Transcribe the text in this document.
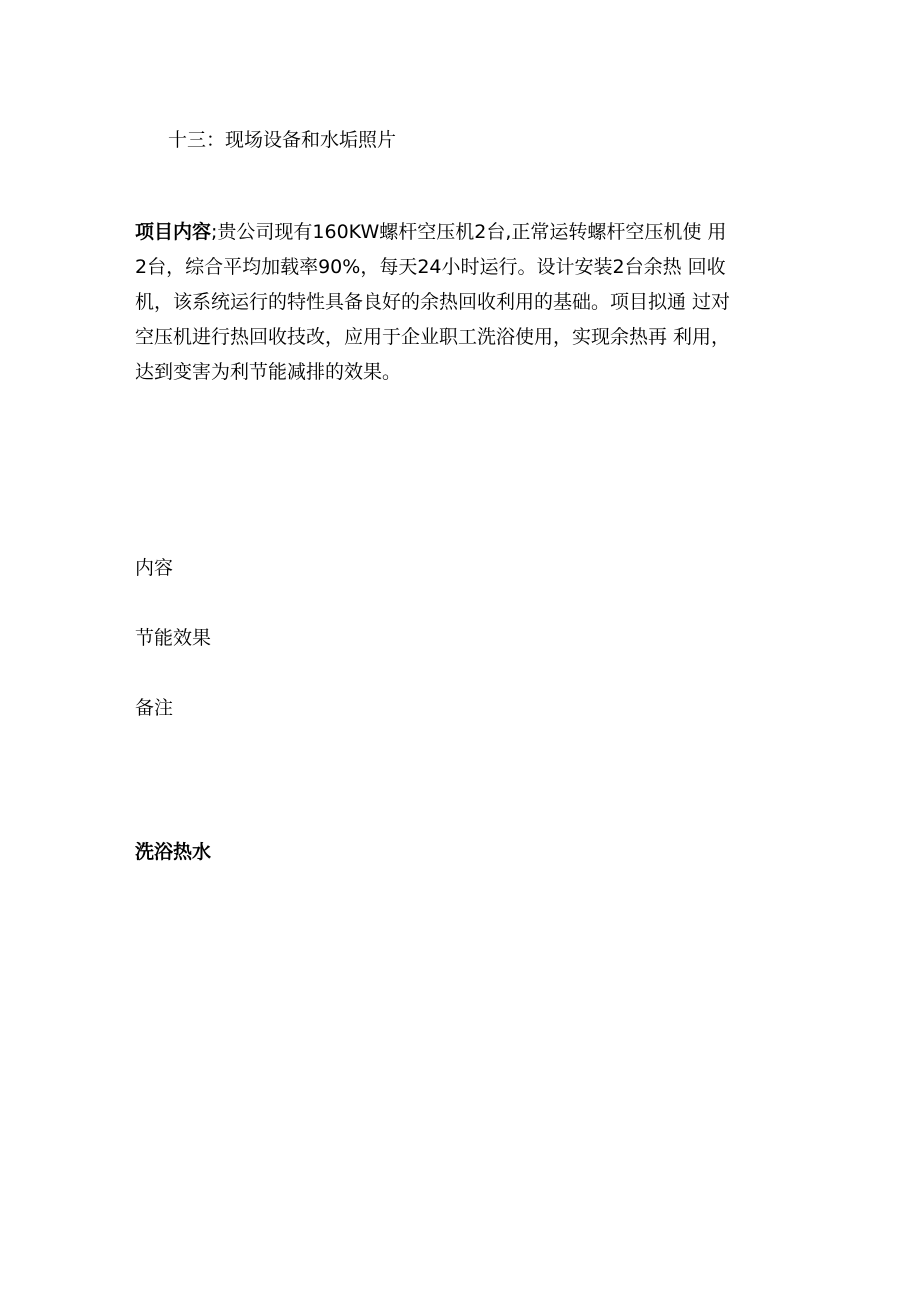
十三：现场设备和水垢照片
项目内容;贵公司现有160KW螺杆空压机2台,正常运转螺杆空压机使 用
2台，综合平均加载率90%，每天24小时运行。设计安装2台余热 回收
机，该系统运行的特性具备良好的余热回收利用的基础。项目拟通 过对
空压机进行热回收技改，应用于企业职工洗浴使用，实现余热再 利用，
达到变害为利节能减排的效果。
内容
节能效果
备注
洗浴热水
